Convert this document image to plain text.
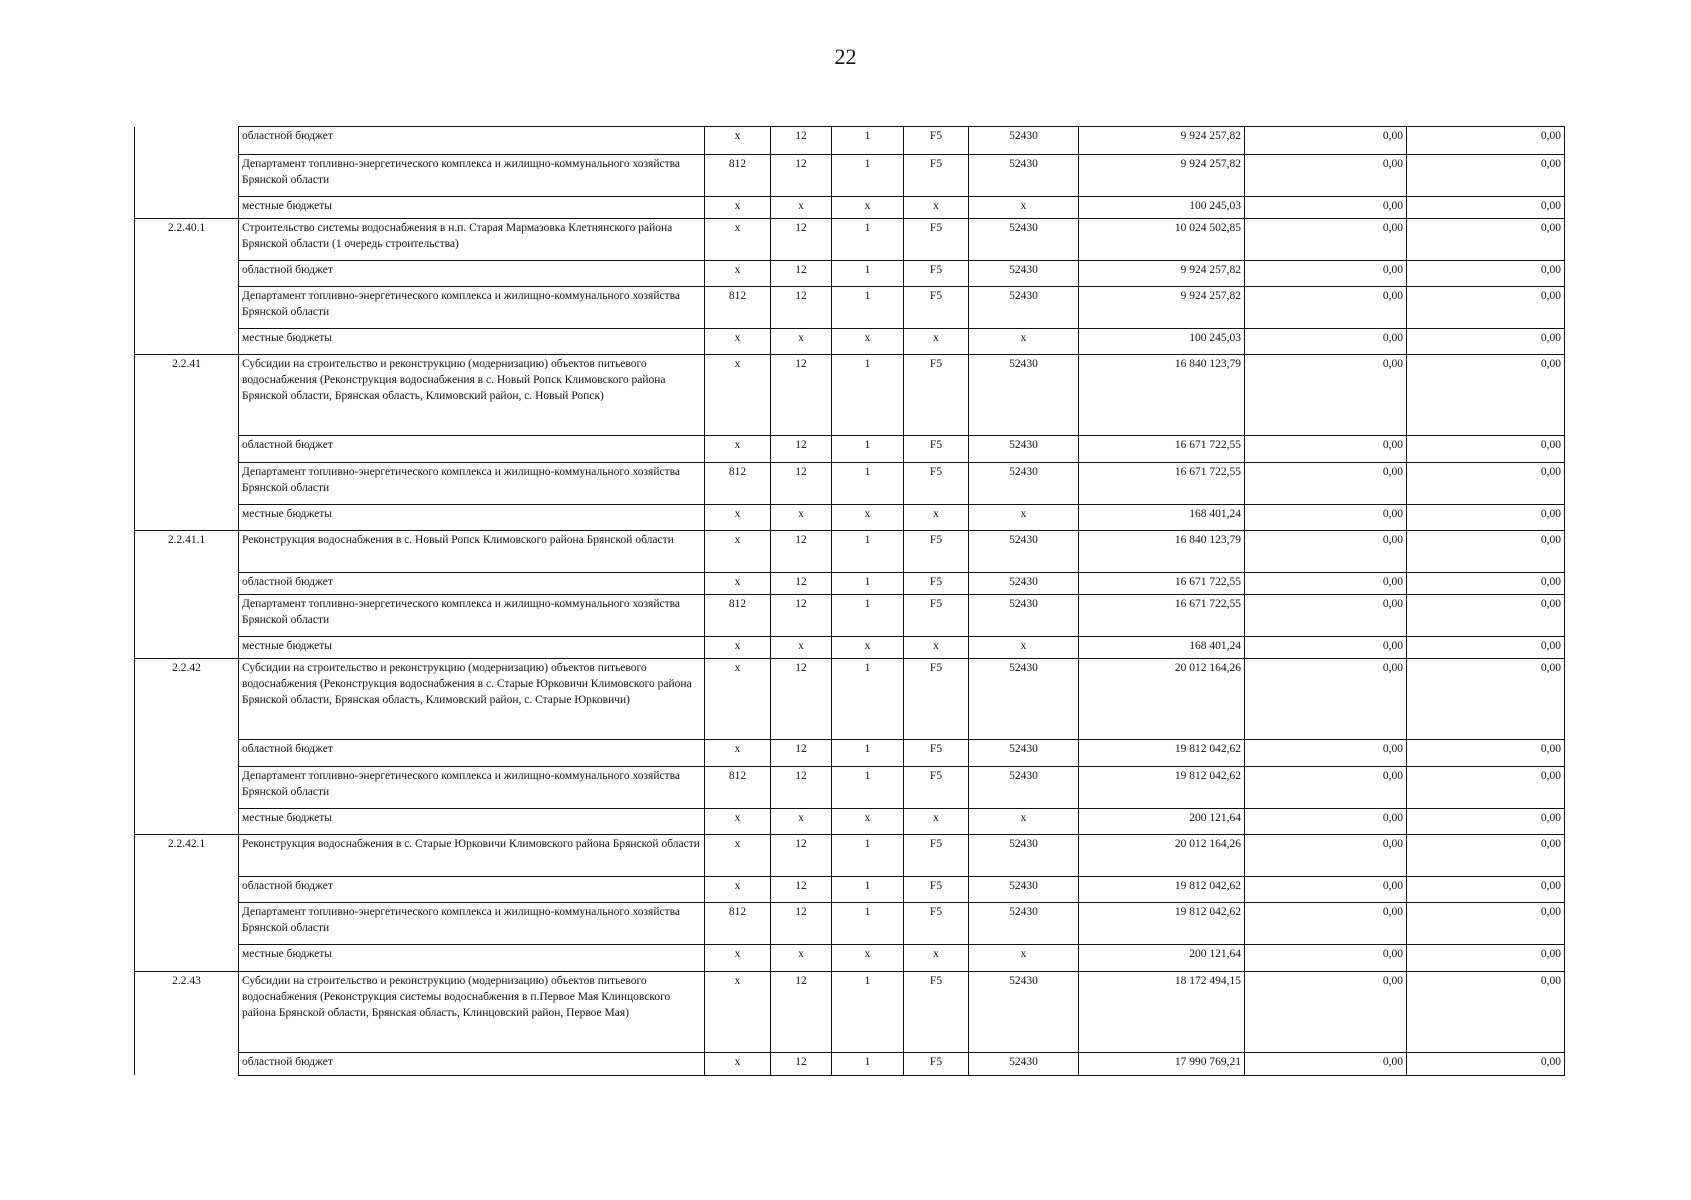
22
	областной бюджет	х	12	1	F5	52430	9 924 257,82	0,00	0,00
	Департамент топливно-энергетического комплекса и жилищно-коммунального хозяйства Брянской области	812	12	1	F5	52430	9 924 257,82	0,00	0,00
	местные бюджеты	х	х	х	х	х	100 245,03	0,00	0,00
2.2.40.1	Строительство системы водоснабжения в н.п. Старая Мармазовка Клетнянского района Брянской области (1 очередь строительства)	х	12	1	F5	52430	10 024 502,85	0,00	0,00
	областной бюджет	х	12	1	F5	52430	9 924 257,82	0,00	0,00
	Департамент топливно-энергетического комплекса и жилищно-коммунального хозяйства Брянской области	812	12	1	F5	52430	9 924 257,82	0,00	0,00
	местные бюджеты	х	х	х	х	х	100 245,03	0,00	0,00
2.2.41	Субсидии на строительство и реконструкцию (модернизацию) объектов питьевого водоснабжения (Реконструкция водоснабжения в с. Новый Ропск Климовского района Брянской области, Брянская область, Климовский район, с. Новый Ропск)	х	12	1	F5	52430	16 840 123,79	0,00	0,00
	областной бюджет	х	12	1	F5	52430	16 671 722,55	0,00	0,00
	Департамент топливно-энергетического комплекса и жилищно-коммунального хозяйства Брянской области	812	12	1	F5	52430	16 671 722,55	0,00	0,00
	местные бюджеты	х	х	х	х	х	168 401,24	0,00	0,00
2.2.41.1	Реконструкция водоснабжения в с. Новый Ропск Климовского района Брянской области	х	12	1	F5	52430	16 840 123,79	0,00	0,00
	областной бюджет	х	12	1	F5	52430	16 671 722,55	0,00	0,00
	Департамент топливно-энергетического комплекса и жилищно-коммунального хозяйства Брянской области	812	12	1	F5	52430	16 671 722,55	0,00	0,00
	местные бюджеты	х	х	х	х	х	168 401,24	0,00	0,00
2.2.42	Субсидии на строительство и реконструкцию (модернизацию) объектов питьевого водоснабжения (Реконструкция водоснабжения в с. Старые Юрковичи Климовского района Брянской области, Брянская область, Климовский район, с. Старые Юрковичи)	х	12	1	F5	52430	20 012 164,26	0,00	0,00
	областной бюджет	х	12	1	F5	52430	19 812 042,62	0,00	0,00
	Департамент топливно-энергетического комплекса и жилищно-коммунального хозяйства Брянской области	812	12	1	F5	52430	19 812 042,62	0,00	0,00
	местные бюджеты	х	х	х	х	х	200 121,64	0,00	0,00
2.2.42.1	Реконструкция водоснабжения в с. Старые Юрковичи Климовского района Брянской области	х	12	1	F5	52430	20 012 164,26	0,00	0,00
	областной бюджет	х	12	1	F5	52430	19 812 042,62	0,00	0,00
	Департамент топливно-энергетического комплекса и жилищно-коммунального хозяйства Брянской области	812	12	1	F5	52430	19 812 042,62	0,00	0,00
	местные бюджеты	х	х	х	х	х	200 121,64	0,00	0,00
2.2.43	Субсидии на строительство и реконструкцию (модернизацию) объектов питьевого водоснабжения (Реконструкция системы водоснабжения в п.Первое Мая Клинцовского района Брянской области, Брянская область, Клинцовский район, Первое Мая)	х	12	1	F5	52430	18 172 494,15	0,00	0,00
	областной бюджет	х	12	1	F5	52430	17 990 769,21	0,00	0,00
